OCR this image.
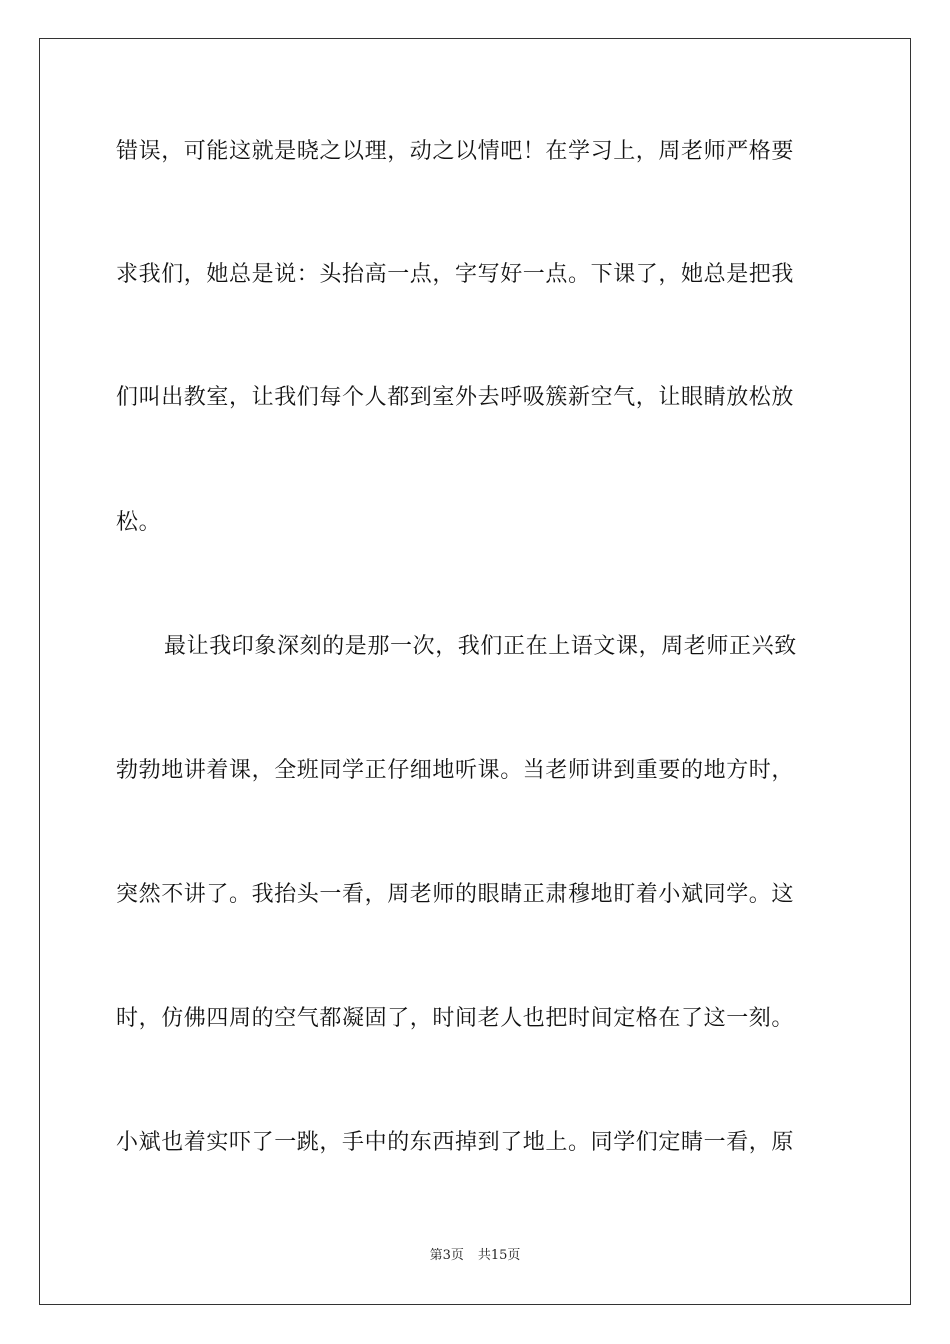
错误，可能这就是晓之以理，动之以情吧！在学习上，周老师严格要
求我们，她总是说：头抬高一点，字写好一点。下课了，她总是把我
们叫出教室，让我们每个人都到室外去呼吸簇新空气，让眼睛放松放
松。
最让我印象深刻的是那一次，我们正在上语文课，周老师正兴致
勃勃地讲着课，全班同学正仔细地听课。当老师讲到重要的地方时，
突然不讲了。我抬头一看，周老师的眼睛正肃穆地盯着小斌同学。这
时，仿佛四周的空气都凝固了，时间老人也把时间定格在了这一刻。
小斌也着实吓了一跳，手中的东西掉到了地上。同学们定睛一看，原
第3页 共15页
